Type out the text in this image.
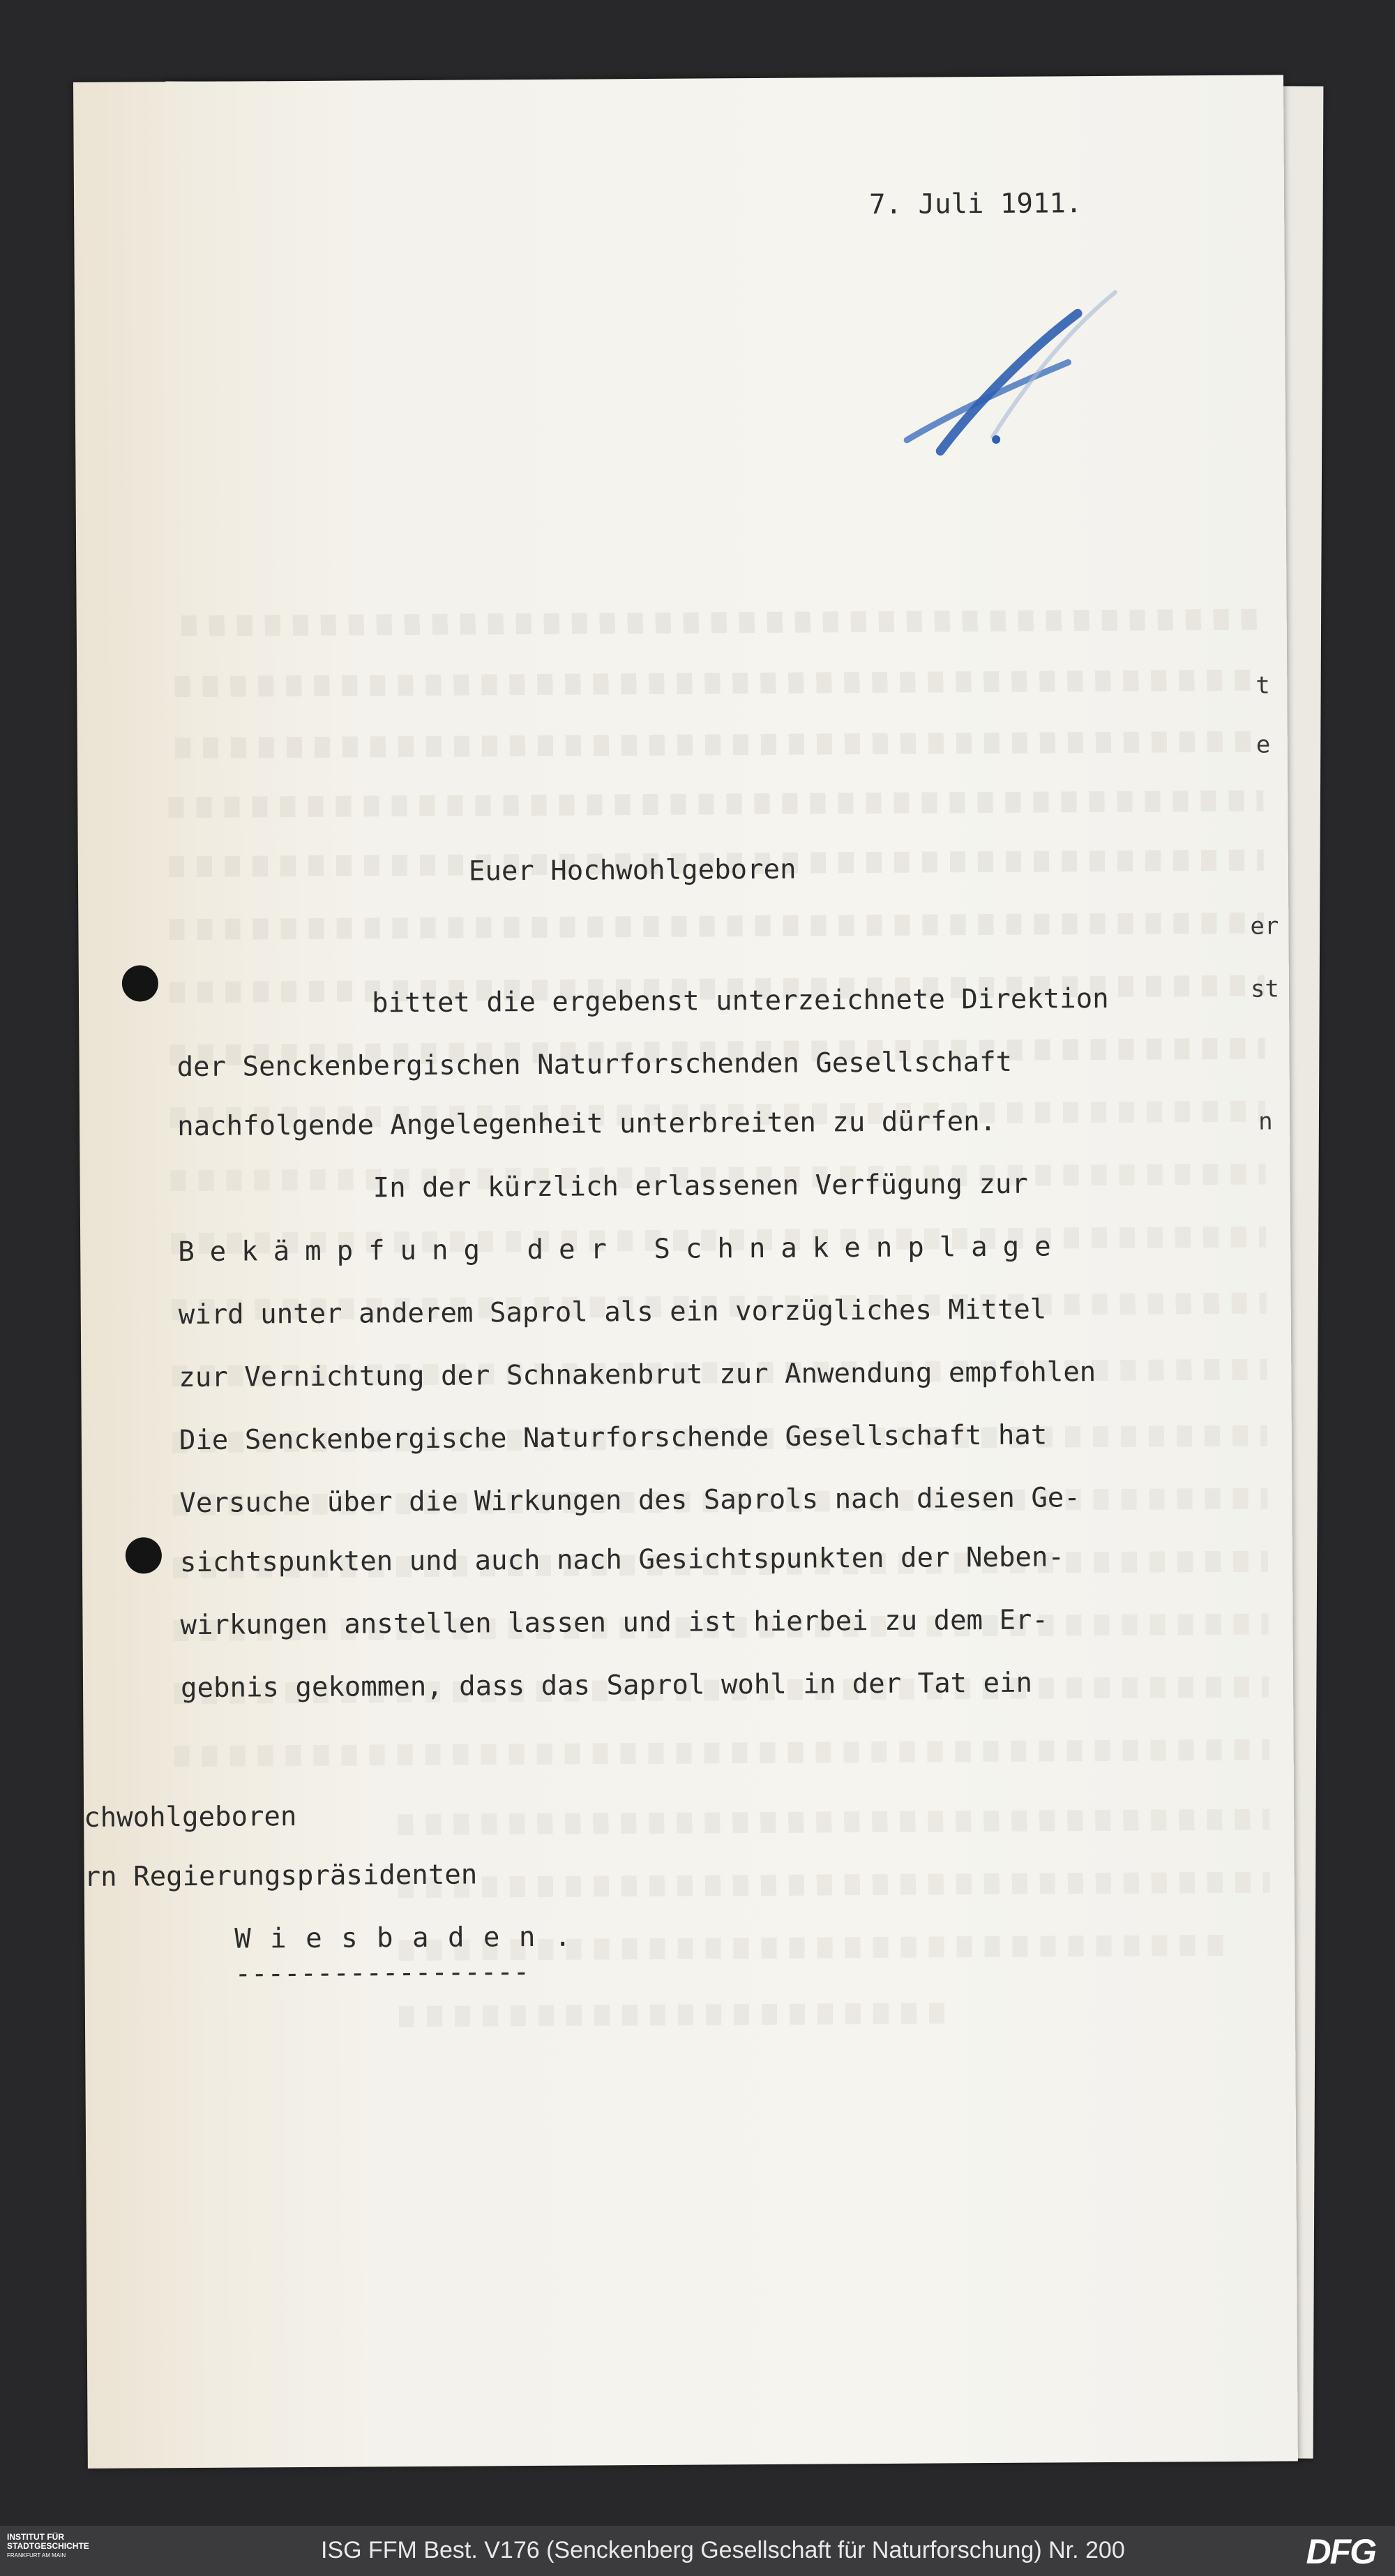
7. Juli 1911.
Euer Hochwohlgeboren
bittet die ergebenst unterzeichnete Direktion
der Senckenbergischen Naturforschenden Gesellschaft
nachfolgende Angelegenheit unterbreiten zu dürfen.
In der kürzlich erlassenen Verfügung zur
Bekämpfung der Schnakenplage
wird unter anderem Saprol als ein vorzügliches Mittel
zur Vernichtung der Schnakenbrut zur Anwendung empfohlen
Die Senckenbergische Naturforschende Gesellschaft hat
Versuche über die Wirkungen des Saprols nach diesen Ge-
sichtspunkten und auch nach Gesichtspunkten der Neben-
wirkungen anstellen lassen und ist hierbei zu dem Er-
gebnis gekommen, dass das Saprol wohl in der Tat ein
chwohlgeboren
rn Regierungspräsidenten
W i e s b a d e n .
------------------
t
e
er
st
n
INSTITUT FÜR
STADTGESCHICHTE
FRANKFURT AM MAIN	ISG FFM Best. V176 (Senckenberg Gesellschaft für Naturforschung) Nr. 200	DFG
